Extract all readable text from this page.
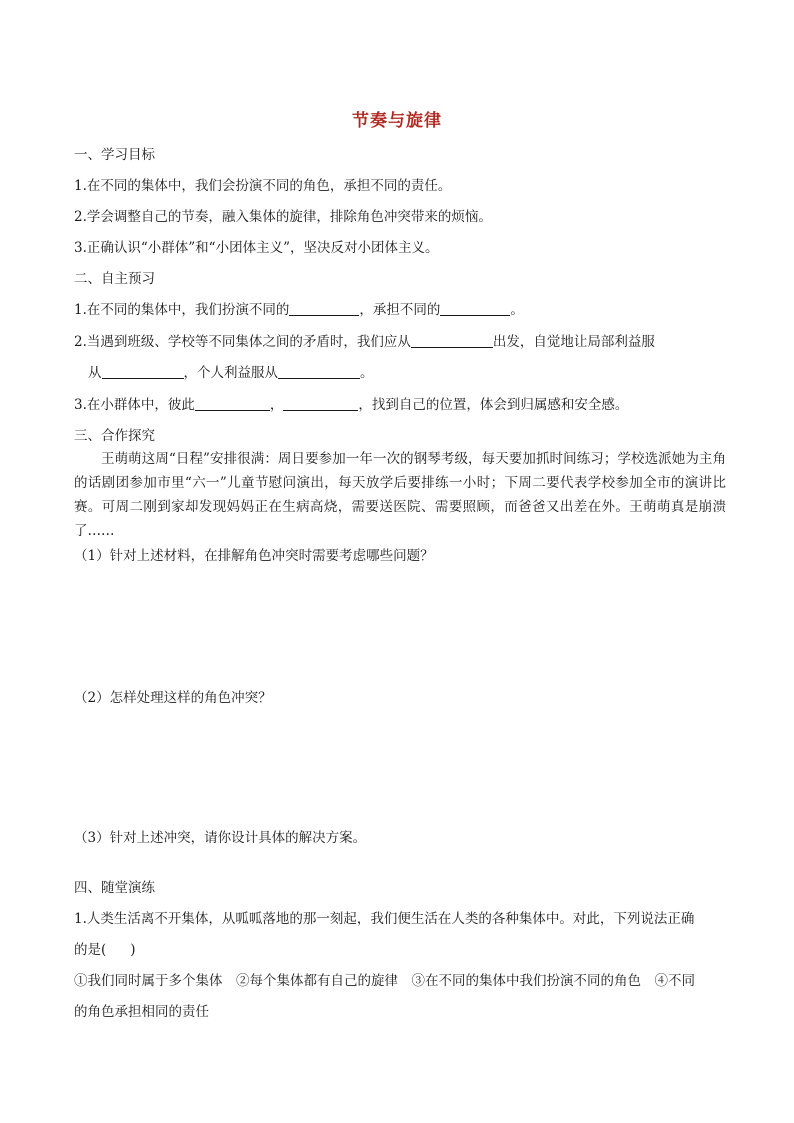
节奏与旋律
一、学习目标
1.在不同的集体中，我们会扮演不同的角色，承担不同的责任。
2.学会调整自己的节奏，融入集体的旋律，排除角色冲突带来的烦恼。
3.正确认识“小群体”和“小团体主义”，坚决反对小团体主义。
二、自主预习
1.在不同的集体中，我们扮演不同的	，承担不同的	。
2.当遇到班级、学校等不同集体之间的矛盾时，我们应从	出发，自觉地让局部利益服
从	，个人利益服从	。
3.在小群体中，彼此	，	，找到自己的位置，体会到归属感和安全感。
三、合作探究
王萌萌这周“日程”安排很满：周日要参加一年一次的钢琴考级，每天要加抓时间练习；学校选派她为主角的话剧团参加市里“六一”儿童节慰问演出，每天放学后要排练一小时；下周二要代表学校参加全市的演讲比赛。可周二刚到家却发现妈妈正在生病高烧，需要送医院、需要照顾，而爸爸又出差在外。王萌萌真是崩溃了……
（1）针对上述材料，在排解角色冲突时需要考虑哪些问题？
（2）怎样处理这样的角色冲突？
（3）针对上述冲突，请你设计具体的解决方案。
四、随堂演练
1.人类生活离不开集体，从呱呱落地的那一刻起，我们便生活在人类的各种集体中。对此，下列说法正确
的是( )
①我们同时属于多个集体　②每个集体都有自己的旋律　③在不同的集体中我们扮演不同的角色　④不同
的角色承担相同的责任
